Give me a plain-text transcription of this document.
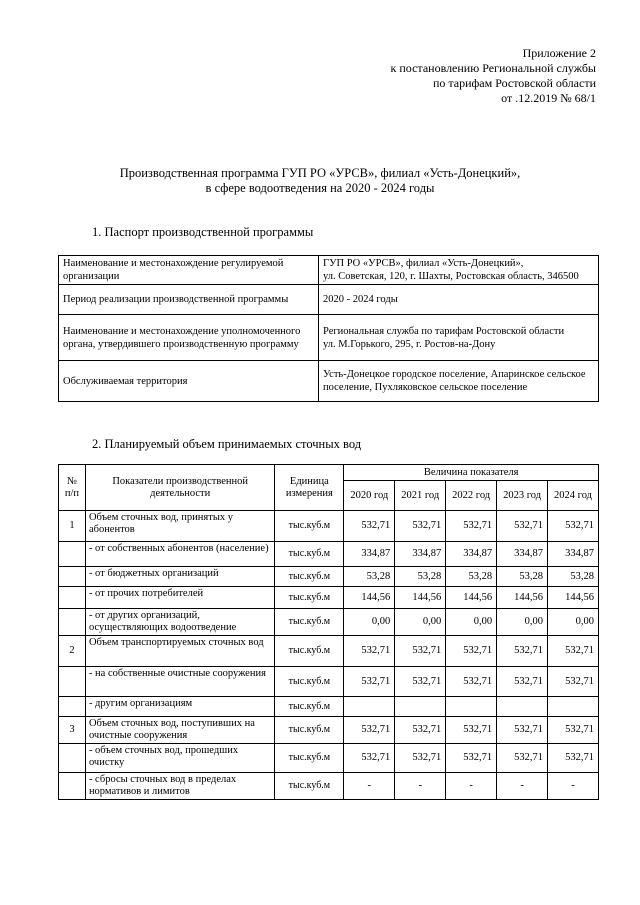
Приложение 2
к постановлению Региональной службы
по тарифам Ростовской области
от .12.2019 № 68/1
Производственная программа ГУП РО «УРСВ», филиал «Усть-Донецкий»,
в сфере водоотведения на 2020 - 2024 годы
1. Паспорт производственной программы
Наименование и местонахождение регулируемой организации	ГУП РО «УРСВ», филиал «Усть-Донецкий»,
ул. Советская, 120, г. Шахты, Ростовская область, 346500

Период реализации производственной программы	2020 - 2024 годы

Наименование и местонахождение уполномоченного органа, утвердившего производственную программу	Региональная служба по тарифам Ростовской области
ул. М.Горького, 295, г. Ростов-на-Дону

Обслуживаемая территория	Усть-Донецкое городское поселение, Апаринское сельское поселение, Пухляковское сельское поселение
2. Планируемый объем принимаемых сточных вод
№ п/п	Показатели производственной деятельности	Единица измерения	Величина показателя				
			2020 год	2021 год	2022 год	2023 год	2024 год
1	Объем сточных вод, принятых у абонентов	тыс.куб.м	532,71	532,71	532,71	532,71	532,71
	- от собственных абонентов (население)	тыс.куб.м	334,87	334,87	334,87	334,87	334,87
	- от бюджетных организаций	тыс.куб.м	53,28	53,28	53,28	53,28	53,28
	- от прочих потребителей	тыс.куб.м	144,56	144,56	144,56	144,56	144,56
	- от других организаций, осуществляющих водоотведение	тыс.куб.м	0,00	0,00	0,00	0,00	0,00
2	Объем транспортируемых сточных вод	тыс.куб.м	532,71	532,71	532,71	532,71	532,71
	- на собственные очистные сооружения	тыс.куб.м	532,71	532,71	532,71	532,71	532,71
	- другим организациям	тыс.куб.м					
3	Объем сточных вод, поступивших на очистные сооружения	тыс.куб.м	532,71	532,71	532,71	532,71	532,71
	- объем сточных вод, прошедших очистку	тыс.куб.м	532,71	532,71	532,71	532,71	532,71
	- сбросы сточных вод в пределах нормативов и лимитов	тыс.куб.м	-	-	-	-	-
